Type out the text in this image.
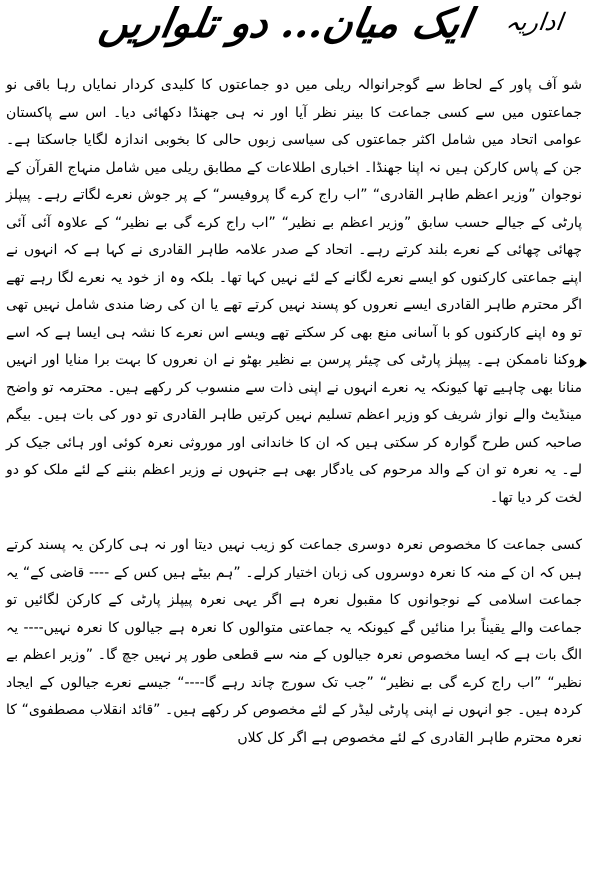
اداریہ
ایک میان... دو تلواریں

شو آف پاور کے لحاظ سے گوجرانوالہ ریلی میں دو جماعتوں کا کلیدی کردار نمایاں رہا باقی نو جماعتوں میں سے کسی جماعت کا بینر نظر آیا اور نہ ہی جھنڈا دکھائی دیا۔ اس سے پاکستان عوامی اتحاد میں شامل اکثر جماعتوں کی سیاسی زبوں حالی کا بخوبی اندازہ لگایا جاسکتا ہے۔ جن کے پاس کارکن ہیں نہ اپنا جھنڈا۔ اخباری اطلاعات کے مطابق ریلی میں شامل منہاج القرآن کے نوجوان ”وزیر اعظم طاہر القادری“ ”اب راج کرے گا پروفیسر“ کے پر جوش نعرے لگاتے رہے۔ پیپلز پارٹی کے جیالے حسب سابق ”وزیر اعظم بے نظیر“ ”اب راج کرے گی بے نظیر“ کے علاوہ آئی آئی چھائی چھائی کے نعرے بلند کرتے رہے۔ اتحاد کے صدر علامہ طاہر القادری نے کہا ہے کہ انہوں نے اپنے جماعتی کارکنوں کو ایسے نعرے لگانے کے لئے نہیں کہا تھا۔ بلکہ وہ از خود یہ نعرے لگا رہے تھے اگر محترم طاہر القادری ایسے نعروں کو پسند نہیں کرتے تھے یا ان کی رضا مندی شامل نہیں تھی تو وہ اپنے کارکنوں کو با آسانی منع بھی کر سکتے تھے ویسے اس نعرے کا نشہ ہی ایسا ہے کہ اسے روکنا ناممکن ہے۔ پیپلز پارٹی کی چیئر پرسن بے نظیر بھٹو نے ان نعروں کا بہت برا منایا اور انہیں منانا بھی چاہیے تھا کیونکہ یہ نعرے انہوں نے اپنی ذات سے منسوب کر رکھے ہیں۔ محترمہ تو واضح مینڈیٹ والے نواز شریف کو وزیر اعظم تسلیم نہیں کرتیں طاہر القادری تو دور کی بات ہیں۔ بیگم صاحبہ کس طرح گوارہ کر سکتی ہیں کہ ان کا خاندانی اور موروثی نعرہ کوئی اور ہائی جیک کر لے۔ یہ نعرہ تو ان کے والد مرحوم کی یادگار بھی ہے جنہوں نے وزیر اعظم بننے کے لئے ملک کو دو لخت کر دیا تھا۔

کسی جماعت کا مخصوص نعرہ دوسری جماعت کو زیب نہیں دیتا اور نہ ہی کارکن یہ پسند کرتے ہیں کہ ان کے منہ کا نعرہ دوسروں کی زبان اختیار کرلے۔ ”ہم بیٹے ہیں کس کے ---- قاضی کے“ یہ جماعت اسلامی کے نوجوانوں کا مقبول نعرہ ہے اگر یہی نعرہ پیپلز پارٹی کے کارکن لگائیں تو جماعت والے یقیناً برا منائیں گے کیونکہ یہ جماعتی متوالوں کا نعرہ ہے جیالوں کا نعرہ نہیں---- یہ الگ بات ہے کہ ایسا مخصوص نعرہ جیالوں کے منہ سے قطعی طور پر نہیں جچ گا۔ ”وزیر اعظم بے نظیر“ ”اب راج کرے گی بے نظیر“ ”جب تک سورج چاند رہے گا----“ جیسے نعرے جیالوں کے ایجاد کردہ ہیں۔ جو انہوں نے اپنی پارٹی لیڈر کے لئے مخصوص کر رکھے ہیں۔ ”قائد انقلاب مصطفوی“ کا نعرہ محترم طاہر القادری کے لئے مخصوص ہے اگر کل کلاں
